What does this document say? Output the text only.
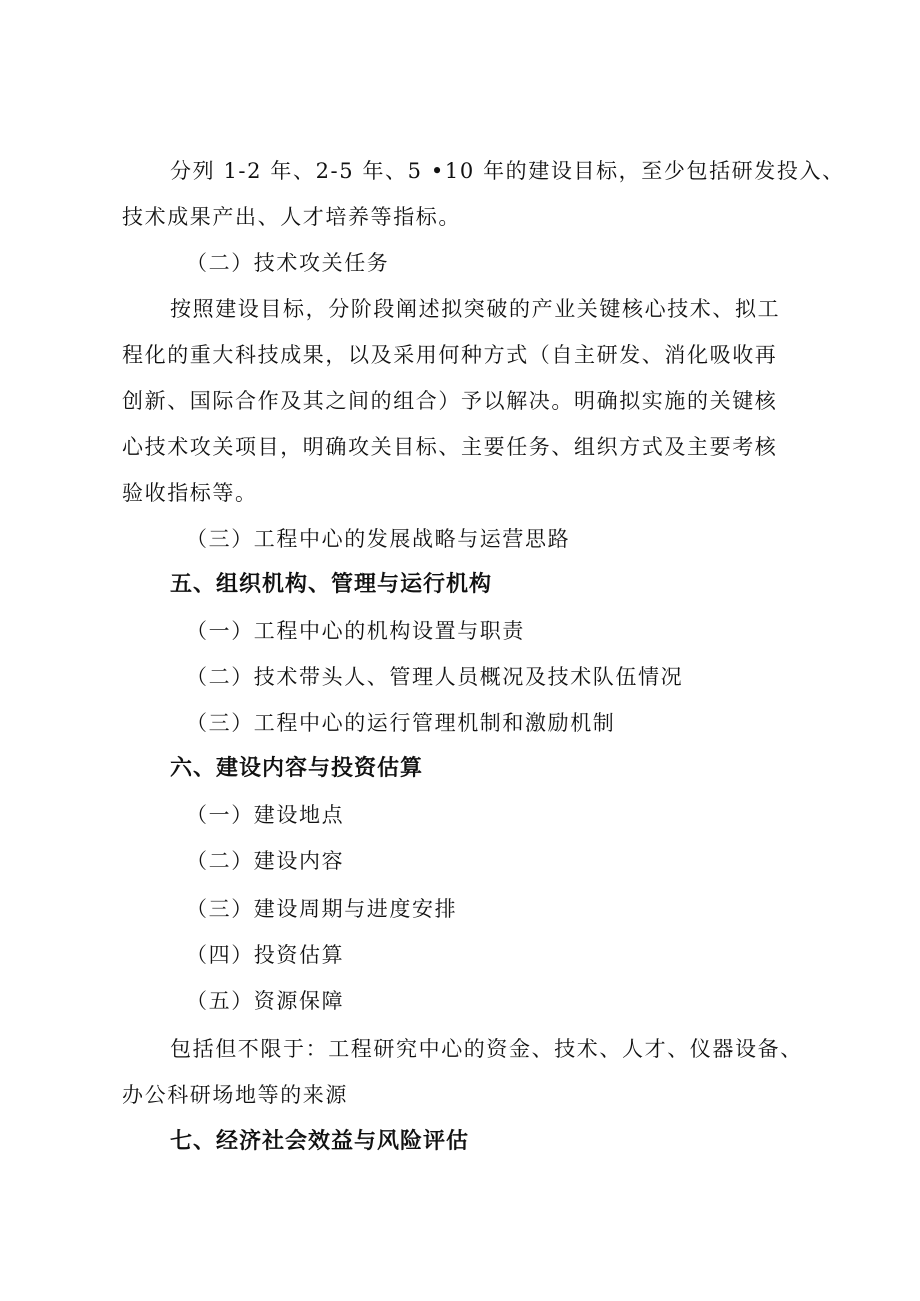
分列 1-2 年、2-5 年、5 •10 年的建设目标，至少包括研发投入、
技术成果产出、人才培养等指标。
（二）技术攻关任务
按照建设目标，分阶段阐述拟突破的产业关键核心技术、拟工
程化的重大科技成果，以及采用何种方式（自主研发、消化吸收再
创新、国际合作及其之间的组合）予以解决。明确拟实施的关键核
心技术攻关项目，明确攻关目标、主要任务、组织方式及主要考核
验收指标等。
（三）工程中心的发展战略与运营思路
五、组织机构、管理与运行机构
（一）工程中心的机构设置与职责
（二）技术带头人、管理人员概况及技术队伍情况
（三）工程中心的运行管理机制和激励机制
六、建设内容与投资估算
（一）建设地点
（二）建设内容
（三）建设周期与进度安排
（四）投资估算
（五）资源保障
包括但不限于：工程研究中心的资金、技术、人才、仪器设备、
办公科研场地等的来源
七、经济社会效益与风险评估
